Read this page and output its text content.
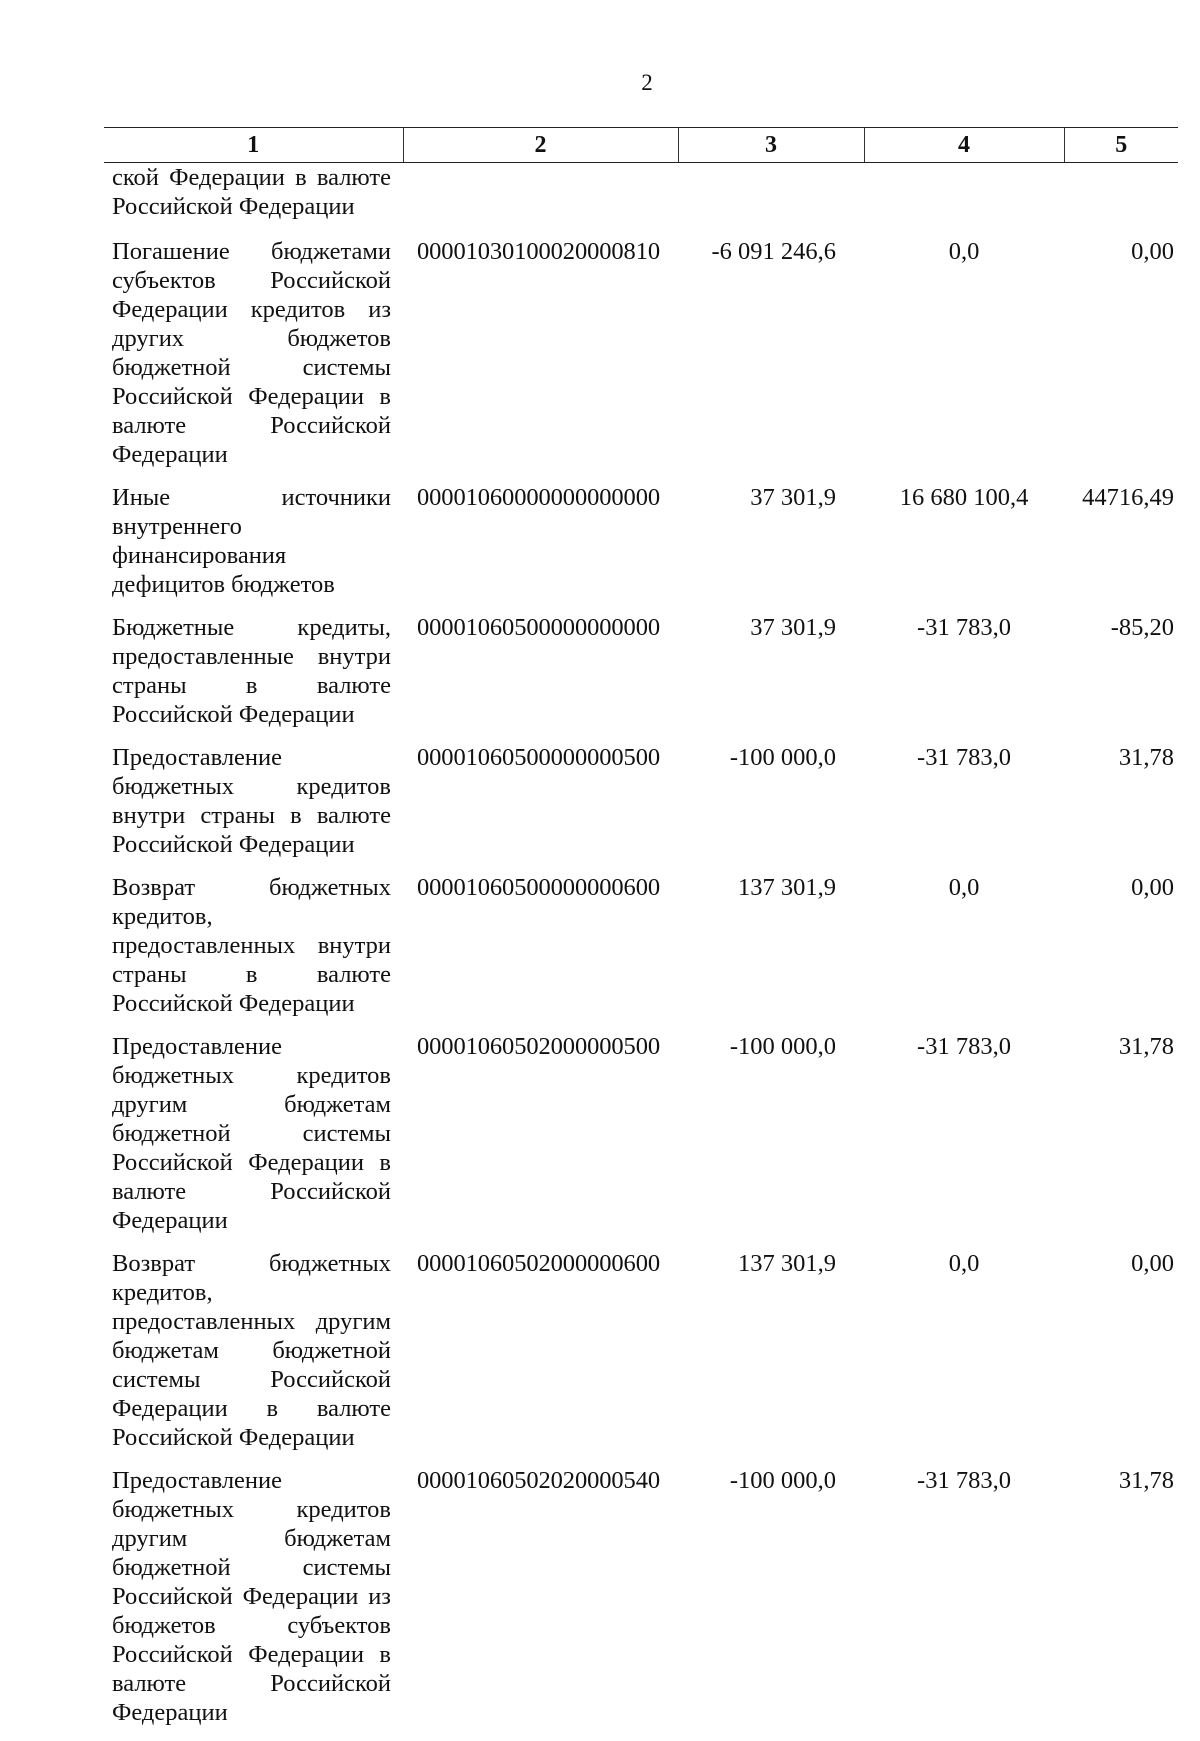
2
1	2	3	4	5
ской Федерации в валюте Российской Федерации				
Погашение бюджетами субъектов Российской Федерации кредитов из других бюджетов бюджетной системы Российской Федерации в валюте Российской Федерации	00001030100020000810	-6 091 246,6	0,0	0,00
Иные источники внутреннего финансирования дефицитов бюджетов	00001060000000000000	37 301,9	16 680 100,4	44716,49
Бюджетные кредиты, предоставленные внутри страны в валюте Российской Федерации	00001060500000000000	37 301,9	-31 783,0	-85,20
Предоставление бюджетных кредитов внутри страны в валюте Российской Федерации	00001060500000000500	-100 000,0	-31 783,0	31,78
Возврат бюджетных кредитов, предоставленных внутри страны в валюте Российской Федерации	00001060500000000600	137 301,9	0,0	0,00
Предоставление бюджетных кредитов другим бюджетам бюджетной системы Российской Федерации в валюте Российской Федерации	00001060502000000500	-100 000,0	-31 783,0	31,78
Возврат бюджетных кредитов, предоставленных другим бюджетам бюджетной системы Российской Федерации в валюте Российской Федерации	00001060502000000600	137 301,9	0,0	0,00
Предоставление бюджетных кредитов другим бюджетам бюджетной системы Российской Федерации из бюджетов субъектов Российской Федерации в валюте Российской Федерации	00001060502020000540	-100 000,0	-31 783,0	31,78
